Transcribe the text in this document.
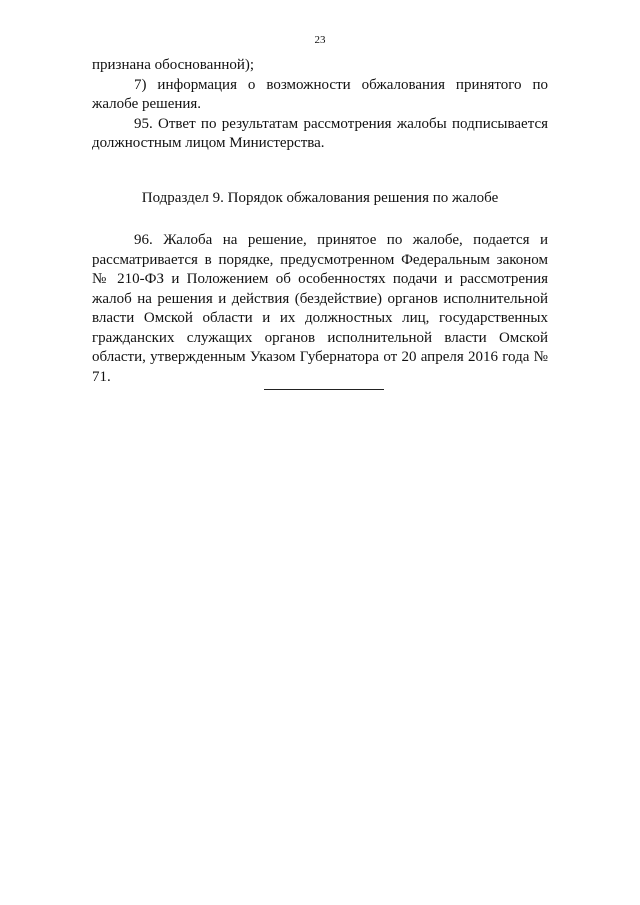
23

признана обоснованной);

7) информация о возможности обжалования принятого по жалобе решения.

95. Ответ по результатам рассмотрения жалобы подписывается должностным лицом Министерства.

Подраздел 9. Порядок обжалования решения по жалобе

96. Жалоба на решение, принятое по жалобе, подается и рассматривается в порядке, предусмотренном Федеральным законом № 210-ФЗ и Положением об особенностях подачи и рассмотрения жалоб на решения и действия (бездействие) органов исполнительной власти Омской области и их должностных лиц, государственных гражданских служащих органов исполнительной власти Омской области, утвержденным Указом Губернатора от 20 апреля 2016 года № 71.
